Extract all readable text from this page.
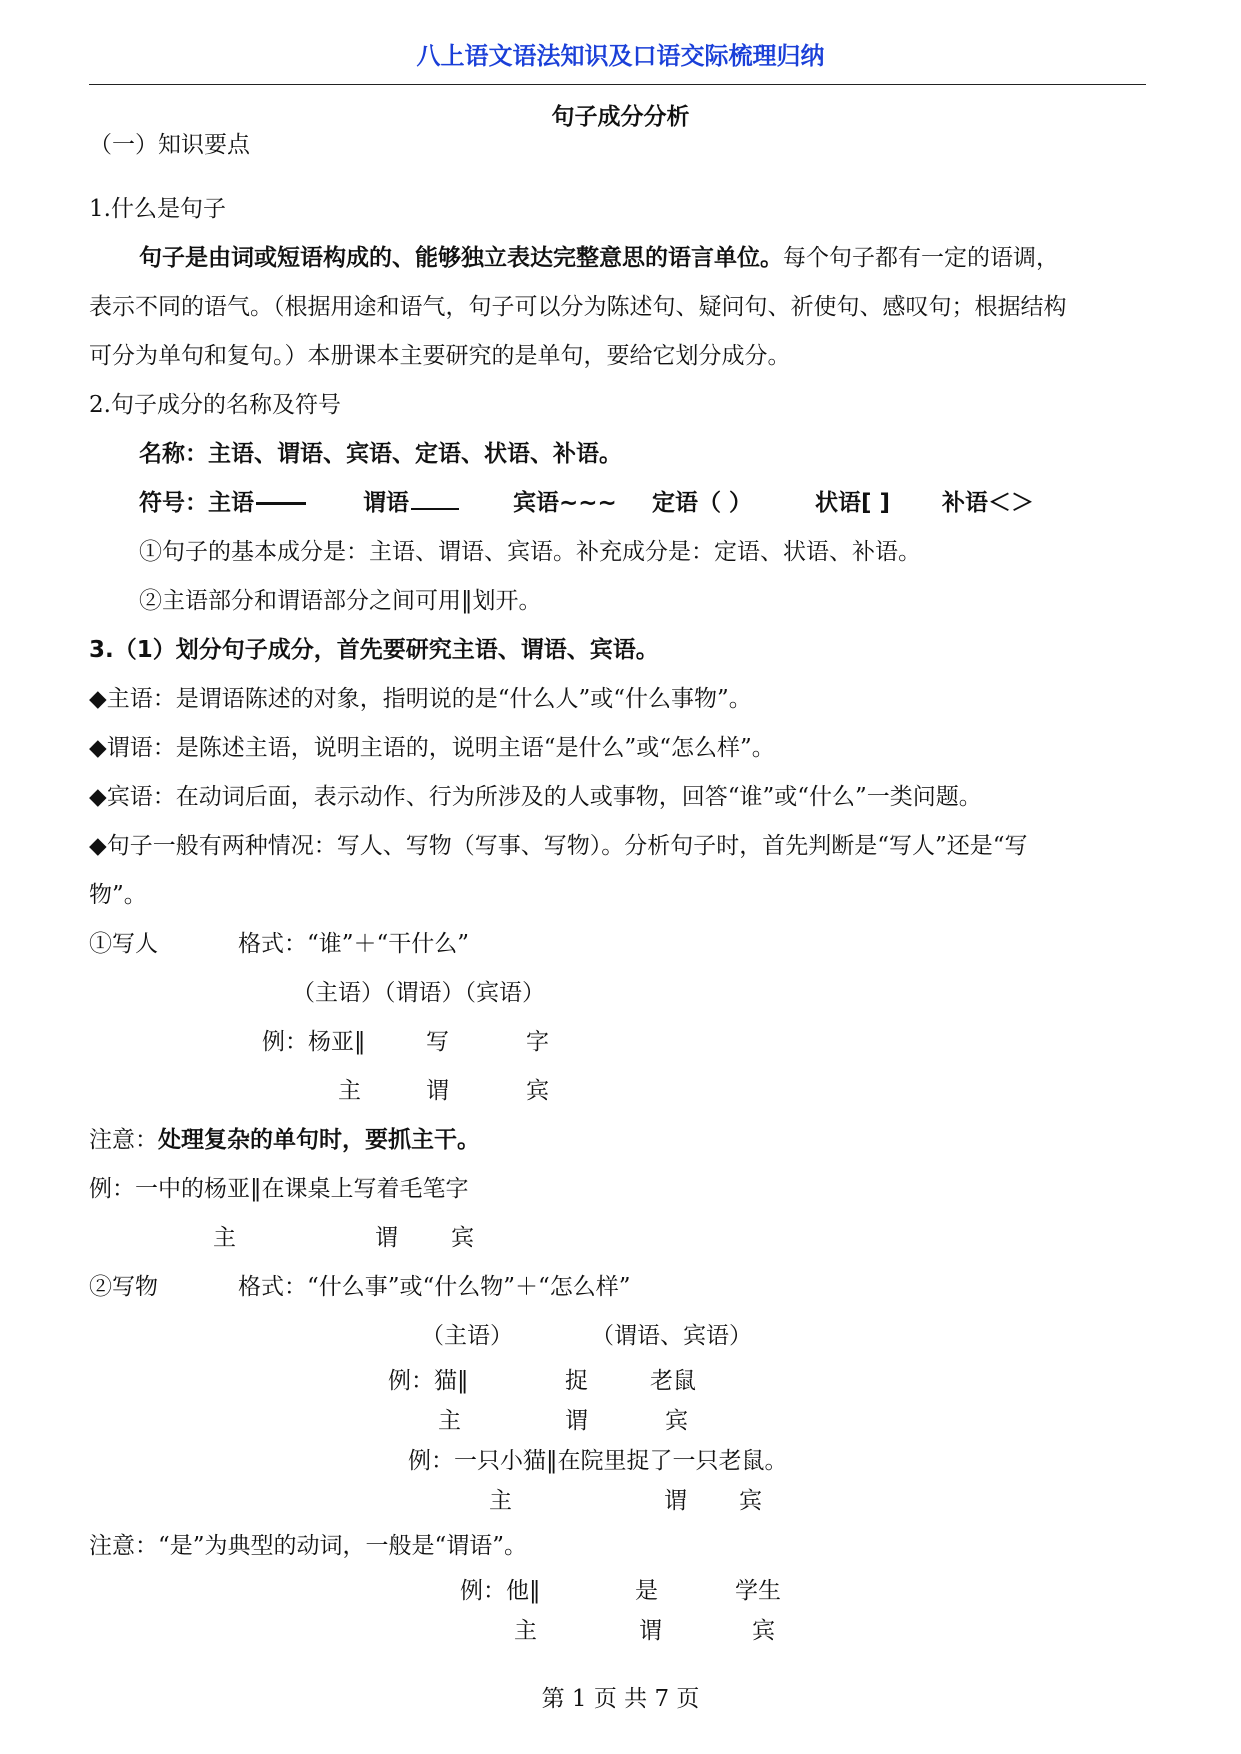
八上语文语法知识及口语交际梳理归纳
句子成分分析
（一）知识要点
1.什么是句子
句子是由词或短语构成的、能够独立表达完整意思的语言单位。每个句子都有一定的语调，
表示不同的语气。（根据用途和语气，句子可以分为陈述句、疑问句、祈使句、感叹句；根据结构
可分为单句和复句。）本册课本主要研究的是单句，要给它划分成分。
2.句子成分的名称及符号
名称：主语、谓语、宾语、定语、状语、补语。
符号：主语	谓语	宾语~~~ 定语（ ）	状语[ ] 补语＜＞
①句子的基本成分是：主语、谓语、宾语。补充成分是：定语、状语、补语。
②主语部分和谓语部分之间可用‖划开。
3.（1）划分句子成分，首先要研究主语、谓语、宾语。
◆主语：是谓语陈述的对象，指明说的是“什么人”或“什么事物”。
◆谓语：是陈述主语，说明主语的，说明主语“是什么”或“怎么样”。
◆宾语：在动词后面，表示动作、行为所涉及的人或事物，回答“谁”或“什么”一类问题。
◆句子一般有两种情况：写人、写物（写事、写物）。分析句子时，首先判断是“写人”还是“写
物”。
①写人	格式：“谁”＋“干什么”
（主语）（谓语）（宾语）
例：杨亚‖	写	字
主	谓	宾
注意：处理复杂的单句时，要抓主干。
例：一中的杨亚‖在课桌上写着毛笔字
主	谓 宾
②写物	格式：“什么事”或“什么物”＋“怎么样”
（主语）	（谓语、宾语）
例：猫‖	捉	老鼠
主	谓	宾
例：一只小猫‖在院里捉了一只老鼠。
主	谓 宾
注意：“是”为典型的动词，一般是“谓语”。
例：他‖	是	学生
主	谓	宾
第 1 页 共 7 页
